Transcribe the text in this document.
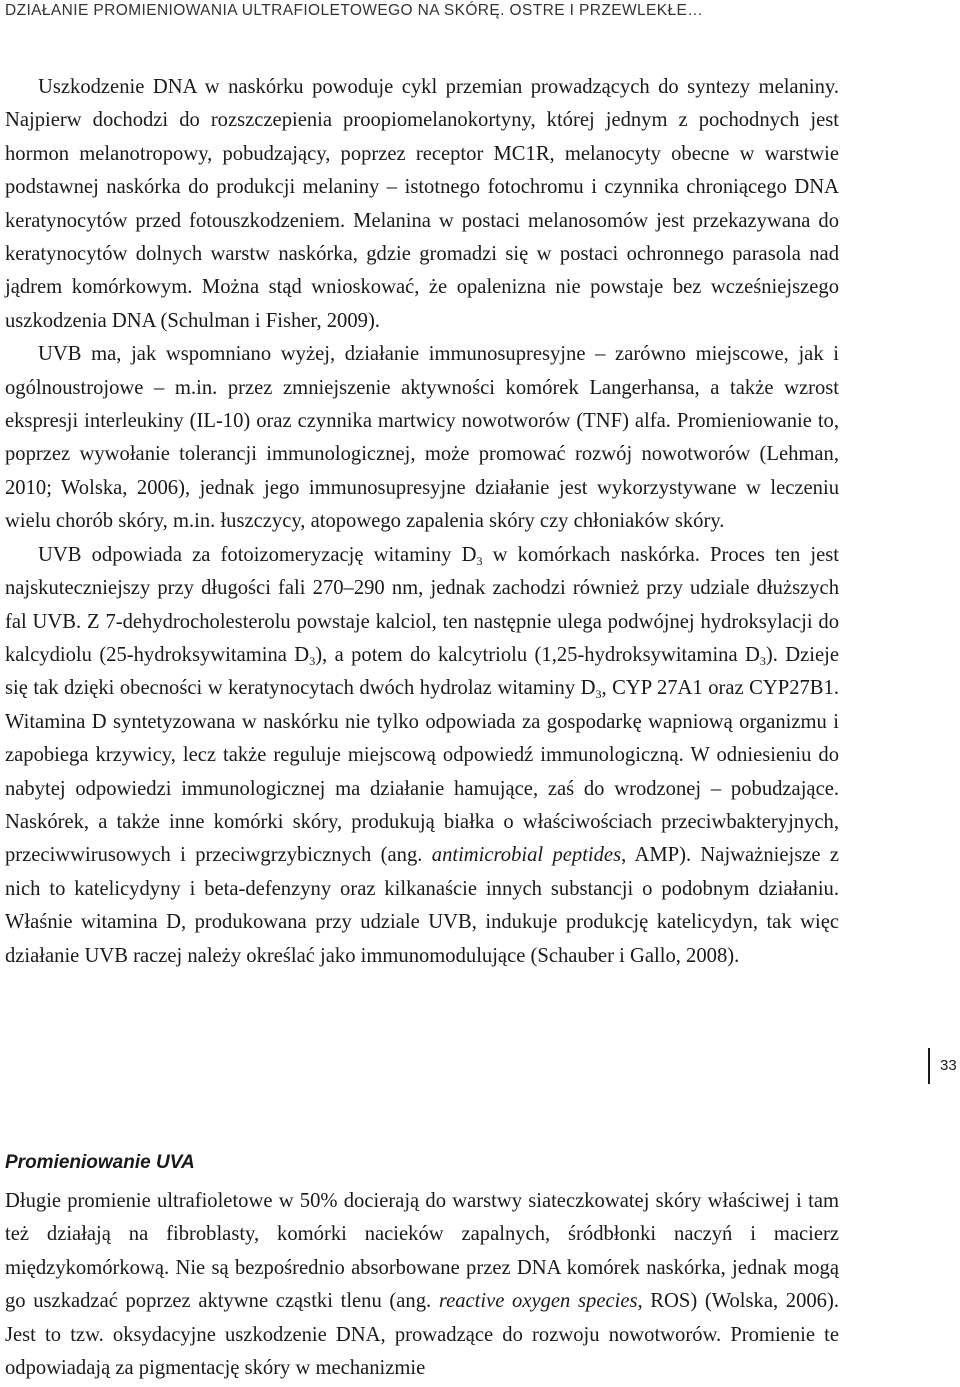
DZIAŁANIE PROMIENIOWANIA ULTRAFIOLETOWEGO NA SKÓRĘ. OSTRE I PRZEWLEKŁE…

Uszkodzenie DNA w naskórku powoduje cykl przemian prowadzących do syntezy melaniny. Najpierw dochodzi do rozszczepienia proopiomelanokortyny, której jednym z pochodnych jest hormon melanotropowy, pobudzający, poprzez receptor MC1R, melanocyty obecne w warstwie podstawnej naskórka do produkcji melaniny – istotnego fotochromu i czynnika chroniącego DNA keratynocytów przed fotouszkodzeniem. Melanina w postaci melanosomów jest przekazywana do keratynocytów dolnych warstw naskórka, gdzie gromadzi się w postaci ochronnego parasola nad jądrem komórkowym. Można stąd wnioskować, że opalenizna nie powstaje bez wcześniejszego uszkodzenia DNA (Schulman i Fisher, 2009).

UVB ma, jak wspomniano wyżej, działanie immunosupresyjne – zarówno miejscowe, jak i ogólnoustrojowe – m.in. przez zmniejszenie aktywności komórek Langerhansa, a także wzrost ekspresji interleukiny (IL-10) oraz czynnika martwicy nowotworów (TNF) alfa. Promieniowanie to, poprzez wywołanie tolerancji immunologicznej, może promować rozwój nowotworów (Lehman, 2010; Wolska, 2006), jednak jego immunosupresyjne działanie jest wykorzystywane w leczeniu wielu chorób skóry, m.in. łuszczycy, atopowego zapalenia skóry czy chłoniaków skóry.

UVB odpowiada za fotoizomeryzację witaminy $D_3$ w komórkach naskórka. Proces ten jest najskuteczniejszy przy długości fali 270–290 nm, jednak zachodzi również przy udziale dłuższych fal UVB. Z 7-dehydrocholesterolu powstaje kalciol, ten następnie ulega podwójnej hydroksylacji do kalcydiolu (25-hydroksywitamina $D_3$), a potem do kalcytriolu (1,25-hydroksywitamina $D_3$). Dzieje się tak dzięki obecności w keratynocytach dwóch hydrolaz witaminy $D_3$, CYP 27A1 oraz CYP27B1. Witamina D syntetyzowana w naskórku nie tylko odpowiada za gospodarkę wapniową organizmu i zapobiega krzywicy, lecz także reguluje miejscową odpowiedź immunologiczną. W odniesieniu do nabytej odpowiedzi immunologicznej ma działanie hamujące, zaś do wrodzonej – pobudzające. Naskórek, a także inne komórki skóry, produkują białka o właściwościach przeciwbakteryjnych, przeciwwirusowych i przeciwgrzybicznych (ang. antimicrobial peptides, AMP). Najważniejsze z nich to katelicydyny i beta-defenzyny oraz kilkanaście innych substancji o podobnym działaniu. Właśnie witamina D, produkowana przy udziale UVB, indukuje produkcję katelicydyn, tak więc działanie UVB raczej należy określać jako immunomodulujące (Schauber i Gallo, 2008).

33
Promieniowanie UVA

Długie promienie ultrafioletowe w 50% docierają do warstwy siateczkowatej skóry właściwej i tam też działają na fibroblasty, komórki nacieków zapalnych, śródbłonki naczyń i macierz międzykomórkową. Nie są bezpośrednio absorbowane przez DNA komórek naskórka, jednak mogą go uszkadzać poprzez aktywne cząstki tlenu (ang. reactive oxygen species, ROS) (Wolska, 2006). Jest to tzw. oksydacyjne uszkodzenie DNA, prowadzące do rozwoju nowotworów. Promienie te odpowiadają za pigmentację skóry w mechanizmie
